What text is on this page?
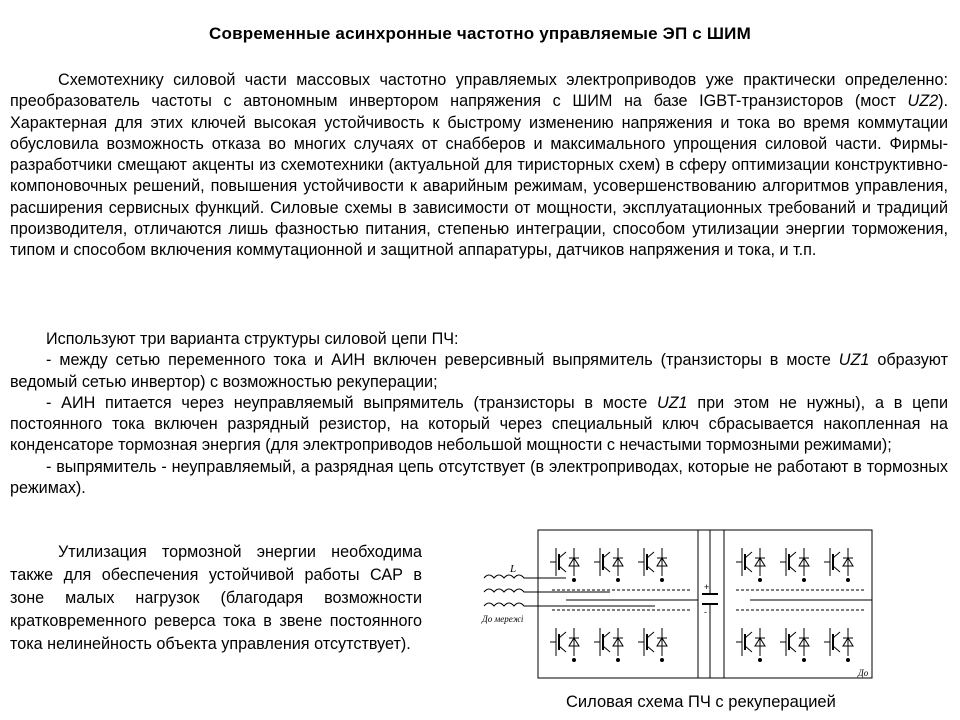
Современные асинхронные частотно управляемые ЭП с ШИМ
Схемотехнику силовой части массовых частотно управляемых электроприводов уже практически определенно: преобразователь частоты с автономным инвертором напряжения с ШИМ на базе IGBT-транзисторов (мост UZ2). Характерная для этих ключей высокая устойчивость к быстрому изменению напряжения и тока во время коммутации обусловила возможность отказа во многих случаях от снабберов и максимального упрощения силовой части. Фирмы-разработчики смещают акценты из схемотехники (актуальной для тиристорных схем) в сферу оптимизации конструктивно-компоновочных решений, повышения устойчивости к аварийным режимам, усовершенствованию алгоритмов управления, расширения сервисных функций. Силовые схемы в зависимости от мощности, эксплуатационных требований и традиций производителя, отличаются лишь фазностью питания, степенью интеграции, способом утилизации энергии торможения, типом и способом включения коммутационной и защитной аппаратуры, датчиков напряжения и тока, и т.п.
Используют три варианта структуры силовой цепи ПЧ:
- между сетью переменного тока и АИН включен реверсивный выпрямитель (транзисторы в мосте UZ1 образуют ведомый сетью инвертор) с возможностью рекуперации;
- АИН питается через неуправляемый выпрямитель (транзисторы в мосте UZ1 при этом не нужны), а в цепи постоянного тока включен разрядный резистор, на который через специальный ключ сбрасывается накопленная на конденсаторе тормозная энергия (для электроприводов небольшой мощности с нечастыми тормозными режимами);
- выпрямитель - неуправляемый, а разрядная цепь отсутствует (в электроприводах, которые не работают в тормозных режимах).
Утилизация тормозной энергии необходима также для обеспечения устойчивой работы САР в зоне малых нагрузок (благодаря возможности кратковременного реверса тока в звене постоянного тока нелинейность объекта управления отсутствует).
L
До мережі
+
-
До
Силовая схема ПЧ с рекуперацией
